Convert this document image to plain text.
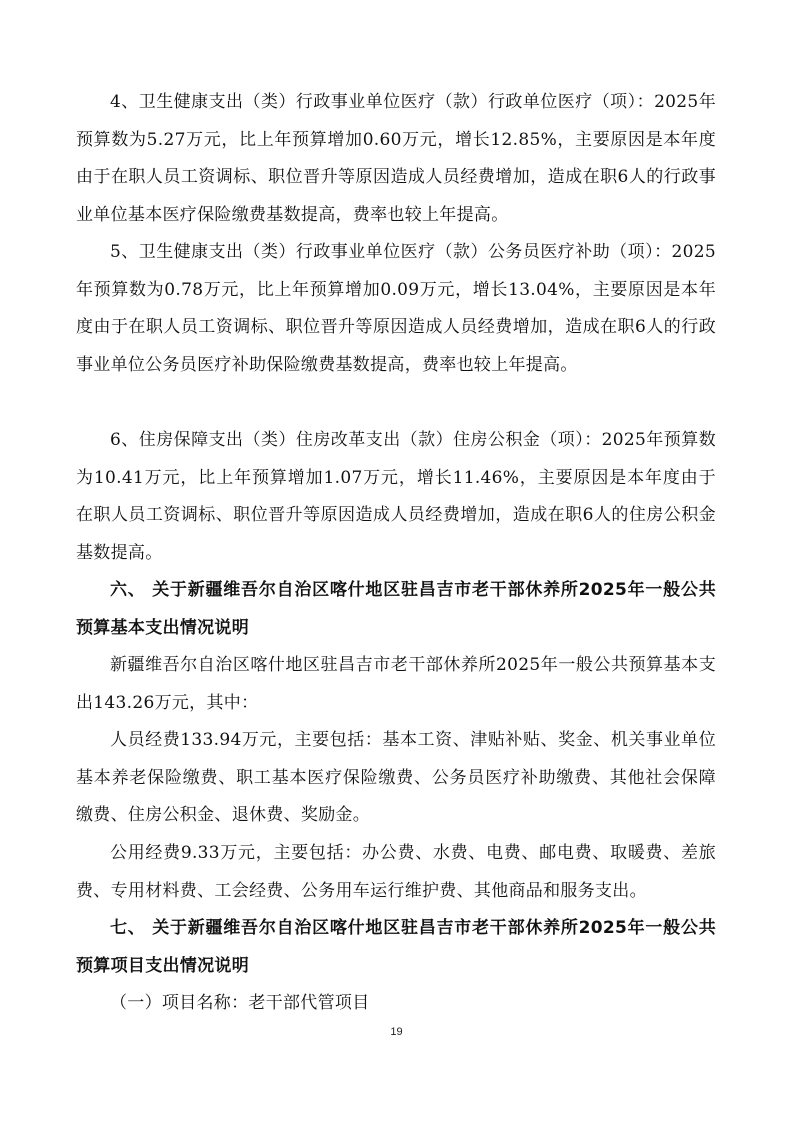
4、卫生健康支出（类）行政事业单位医疗（款）行政单位医疗（项）：2025年预算数为5.27万元，比上年预算增加0.60万元，增长12.85%，主要原因是本年度由于在职人员工资调标、职位晋升等原因造成人员经费增加，造成在职6人的行政事业单位基本医疗保险缴费基数提高，费率也较上年提高。

5、卫生健康支出（类）行政事业单位医疗（款）公务员医疗补助（项）：2025年预算数为0.78万元，比上年预算增加0.09万元，增长13.04%，主要原因是本年度由于在职人员工资调标、职位晋升等原因造成人员经费增加，造成在职6人的行政事业单位公务员医疗补助保险缴费基数提高，费率也较上年提高。

6、住房保障支出（类）住房改革支出（款）住房公积金（项）：2025年预算数为10.41万元，比上年预算增加1.07万元，增长11.46%，主要原因是本年度由于在职人员工资调标、职位晋升等原因造成人员经费增加，造成在职6人的住房公积金基数提高。

六、 关于新疆维吾尔自治区喀什地区驻昌吉市老干部休养所2025年一般公共预算基本支出情况说明

新疆维吾尔自治区喀什地区驻昌吉市老干部休养所2025年一般公共预算基本支出143.26万元，其中：

人员经费133.94万元，主要包括：基本工资、津贴补贴、奖金、机关事业单位基本养老保险缴费、职工基本医疗保险缴费、公务员医疗补助缴费、其他社会保障缴费、住房公积金、退休费、奖励金。

公用经费9.33万元，主要包括：办公费、水费、电费、邮电费、取暖费、差旅费、专用材料费、工会经费、公务用车运行维护费、其他商品和服务支出。

七、 关于新疆维吾尔自治区喀什地区驻昌吉市老干部休养所2025年一般公共预算项目支出情况说明

（一）项目名称：老干部代管项目

19
